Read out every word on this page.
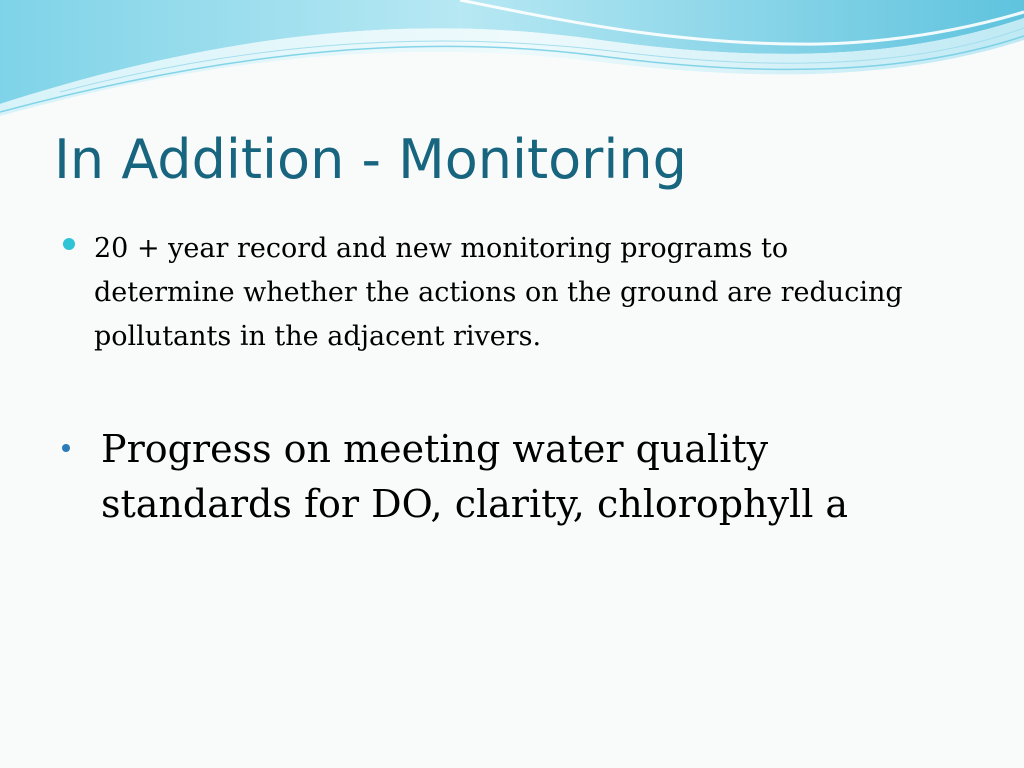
In Addition - Monitoring
20 + year record and new monitoring programs to determine whether the actions on the ground are reducing pollutants in the adjacent rivers.
Progress on meeting water quality standards for DO, clarity, chlorophyll a
